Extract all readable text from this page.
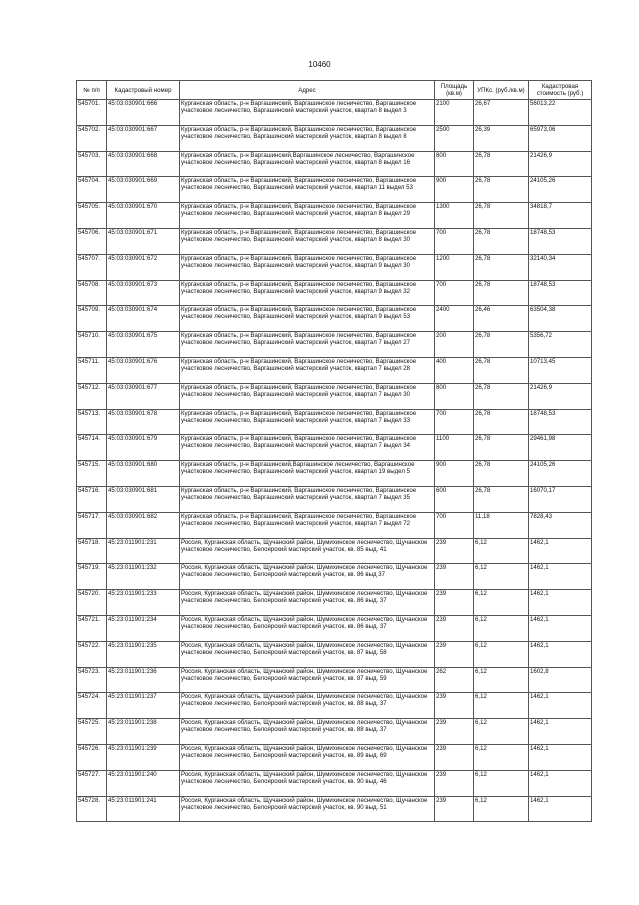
10460
№ п/п	Кадастровый номер	Адрес	Площадь (кв.м)	УПКс. (руб./кв.м)	Кадастровая стоимость (руб.)
545701.	45:03:030901:666	Курганская область, р-н Варгашинский, Варгашинское лесничество, Варгашинское участковое лесничество, Варгашинский мастерский участок, квартал 8 выдел 3	2100	26,67	56013,22
545702.	45:03:030901:667	Курганская область, р-н Варгашинский, Варгашинское лесничество, Варгашинское участковое лесничество, Варгашинский мастерский участок, квартал 8 выдел 8	2500	26,39	65973,06
545703.	45:03:030901:668	Курганская область, р-н Варгашинский,Варгашинское лесничество, Варгашинское участковое лесничество, Варгашинский мастерский участок, квартал 8 выдел 16	800	26,78	21426,9
545704.	45:03:030901:669	Курганская область, р-н Варгашинский, Варгашинское лесничество, Варгашинское участковое лесничество, Варгашинский мастерский участок, квартал 11 выдел 53	900	26,78	24105,26
545705.	45:03:030901:670	Курганская область, р-н Варгашинский, Варгашинское лесничество, Варгашинское участковое лесничество, Варгашинский мастерский участок, квартал 8 выдел 29	1300	26,78	34818,7
545706.	45:03:030901:671	Курганская область, р-н Варгашинский, Варгашинское лесничество, Варгашинское участковое лесничество, Варгашинский мастерский участок, квартал 8 выдел 30	700	26,78	18748,53
545707.	45:03:030901:672	Курганская область, р-н Варгашинский, Варгашинское лесничество, Варгашинское участковое лесничество, Варгашинский мастерский участок, квартал 9 выдел 30	1200	26,78	32140,34
545708.	45:03:030901:673	Курганская область, р-н Варгашинский, Варгашинское лесничество, Варгашинское участковое лесничество, Варгашинский мастерский участок, квартал 9 выдел 32	700	26,78	18748,53
545709.	45:03:030901:674	Курганская область, р-н Варгашинский, Варгашинское лесничество, Варгашинское участковое лесничество, Варгашинский мастерский участок, квартал 9 выдел 53	2400	26,46	63504,38
545710.	45:03:030901:675	Курганская область, р-н Варгашинский, Варгашинское лесничество, Варгашинское участковое лесничество, Варгашинский мастерский участок, квартал 7 выдел 27	200	26,78	5356,72
545711.	45:03:030901:676	Курганская область, р-н Варгашинский, Варгашинское лесничество, Варгашинское участковое лесничество, Варгашинский мастерский участок, квартал 7 выдел 28	400	26,78	10713,45
545712.	45:03:030901:677	Курганская область, р-н Варгашинский, Варгашинское лесничество, Варгашинское участковое лесничество, Варгашинский мастерский участок, квартал 7 выдел 30	800	26,78	21426,9
545713.	45:03:030901:678	Курганская область, р-н Варгашинский, Варгашинское лесничество, Варгашинское участковое лесничество, Варгашинский мастерский участок, квартал 7 выдел 33	700	26,78	18748,53
545714.	45:03:030901:679	Курганская область, р-н Варгашинский, Варгашинское лесничество, Варгашинское участковое лесничество, Варгашинский мастерский участок, квартал 7 выдел 34	1100	26,78	29461,98
545715.	45:03:030901:680	Курганская область, р-н Варгашинский,Варгашинское лесничество, Варгашинское участковое лесничество, Варгашинский мастерский участок, квартал 19 выдел 5	900	26,78	24105,26
545716.	45:03:030901:681	Курганская область, р-н Варгашинский, Варгашинское лесничество, Варгашинское участковое лесничество, Варгашинский мастерский участок, квартал 7 выдел 35	600	26,78	16070,17
545717.	45:03:030901:682	Курганская область, р-н Варгашинский, Варгашинское лесничество, Варгашинское участковое лесничество, Варгашинский мастерский участок, квартал 7 выдел 72	700	11,18	7828,43
545718.	45:23:011901:231	Россия, Курганская область, Щучанский район, Шумихинское лесничество, Щучанское участковое лесничество, Белоярский мастерский участок, кв. 85 выд. 41	239	6,12	1462,1
545719.	45:23:011901:232	Россия, Курганская область, Щучанский район, Шумихинское лесничество, Щучанское участковое лесничество, Белоярский мастерский участок, кв. 86 выд 37	239	6,12	1462,1
545720.	45:23:011901:233	Россия, Курганская область, Щучанский район, Шумихинское лесничество, Щучанское участковое лесничество, Белоярский мастерский участок, кв. 86 выд. 37	239	6,12	1462,1
545721.	45:23:011901:234	Россия, Курганская область, Щучанский район, Шумихинское лесничество, Щучанское участковое лесничество, Белоярский мастерский участок, кв. 86 выд. 37	239	6,12	1462,1
545722.	45:23:011901:235	Россия, Курганская область, Щучанский район, Шумихинское лесничество, Щучанское участковое лесничество, Белоярский мастерский участок, кв. 87 выд. 58	239	6,12	1462,1
545723.	45:23:011901:236	Россия, Курганская область, Щучанский район, Шумихинское лесничество, Щучанское участковое лесничество, Белоярский мастерский участок, кв. 87 выд. 59	262	6,12	1602,8
545724.	45:23:011901:237	Россия, Курганская область, Щучанский район, Шумихинское лесничество, Щучанское участковое лесничество, Белоярский мастерский участок, кв. 88 выд. 37	239	6,12	1462,1
545725.	45:23:011901:238	Россия, Курганская область, Щучанский район, Шумихинское лесничество, Щучанское участковое лесничество, Белоярский мастерский участок, кв. 88 выд. 37	239	6,12	1462,1
545726.	45:23:011901:239	Россия, Курганская область, Щучанский район, Шумихинское лесничество, Щучанское участковое лесничество, Белоярский мастерский участок, кв. 89 выд. 69	239	6,12	1462,1
545727.	45:23:011901:240	Россия, Курганская область, Щучанский район, Шумихинское лесничество, Щучанское участковое лесничество, Белоярский мастерский участок, кв. 90 выд. 46	239	6,12	1462,1
545728.	45:23:011901:241	Россия, Курганская область, Щучанский район, Шумихинское лесничество, Щучанское участковое лесничество, Белоярский мастерский участок, кв. 90 выд. 51	239	6,12	1462,1
